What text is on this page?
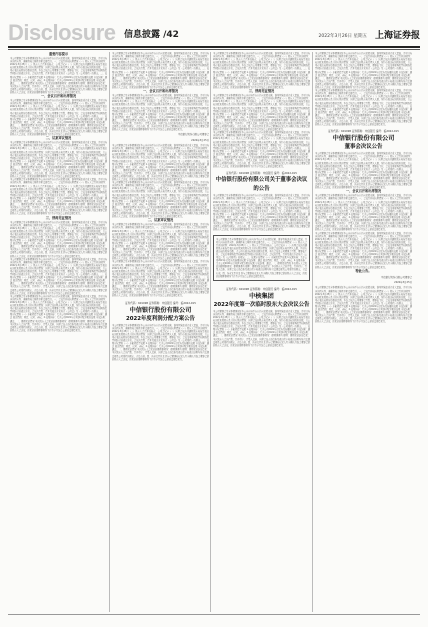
Disclosure 信息披露 /42	2022年3月26日 星期五 上海证券报
重要内容提示
本公司董事会及全体董事保证本公告内容不存在任何虚假记载、误导性陈述或者重大遗漏，并对其内容的真实性、准确性和完整性承担法律责任。一、会议召开和出席情况（一）股东大会召开的时间：2022年3月25日（二）股东大会召开的地点：公司会议室（三）出席会议的普通股股东和恢复表决权的优先股股东及其持有股份情况：出席会议的股东和代理人人数，所持有表决权的股份总数，占公司有表决权股份总数的比例。本次会议由公司董事会召集，董事长主持，会议采用现场投票和网络投票相结合的表决方式。会议的召集、召开及表决方式符合《公司法》及《公司章程》的规定。二、议案审议情况（一）非累积投票议案 1.议案名称：关于公司2021年度报告及摘要的议案 审议结果：通过 表决情况：同意、反对、弃权。2.议案名称：关于公司2021年度利润分配方案的议案 审议结果：通过。三、律师见证情况 本次股东大会见证的律师事务所：律师事务所 律师：律师见证结论意见：本次股东大会的召集、召开程序、召集人资格、出席会议人员资格及表决程序和表决结果均符合法律法规及公司章程的规定，合法有效。四、备查文件目录 经与会董事和记录人签字确认并加盖董事会章的股东大会决议；经见证的律师事务所主任签字并加盖公章的法律意见书。
一、会议召开和出席情况
本公司董事会及全体董事保证本公告内容不存在任何虚假记载、误导性陈述或者重大遗漏，并对其内容的真实性、准确性和完整性承担法律责任。一、会议召开和出席情况（一）股东大会召开的时间：2022年3月25日（二）股东大会召开的地点：公司会议室（三）出席会议的普通股股东和恢复表决权的优先股股东及其持有股份情况：出席会议的股东和代理人人数，所持有表决权的股份总数，占公司有表决权股份总数的比例。本次会议由公司董事会召集，董事长主持，会议采用现场投票和网络投票相结合的表决方式。会议的召集、召开及表决方式符合《公司法》及《公司章程》的规定。二、议案审议情况（一）非累积投票议案 1.议案名称：关于公司2021年度报告及摘要的议案 审议结果：通过 表决情况：同意、反对、弃权。2.议案名称：关于公司2021年度利润分配方案的议案 审议结果：通过。三、律师见证情况 本次股东大会见证的律师事务所：律师事务所 律师：律师见证结论意见：本次股东大会的召集、召开程序、召集人资格、出席会议人员资格及表决程序和表决结果均符合法律法规及公司章程的规定，合法有效。四、备查文件目录 经与会董事和记录人签字确认并加盖董事会章的股东大会决议；经见证的律师事务所主任签字并加盖公章的法律意见书。
二、议案审议情况
本公司董事会及全体董事保证本公告内容不存在任何虚假记载、误导性陈述或者重大遗漏，并对其内容的真实性、准确性和完整性承担法律责任。一、会议召开和出席情况（一）股东大会召开的时间：2022年3月25日（二）股东大会召开的地点：公司会议室（三）出席会议的普通股股东和恢复表决权的优先股股东及其持有股份情况：出席会议的股东和代理人人数，所持有表决权的股份总数，占公司有表决权股份总数的比例。本次会议由公司董事会召集，董事长主持，会议采用现场投票和网络投票相结合的表决方式。会议的召集、召开及表决方式符合《公司法》及《公司章程》的规定。二、议案审议情况（一）非累积投票议案 1.议案名称：关于公司2021年度报告及摘要的议案 审议结果：通过 表决情况：同意、反对、弃权。2.议案名称：关于公司2021年度利润分配方案的议案 审议结果：通过。三、律师见证情况 本次股东大会见证的律师事务所：律师事务所 律师：律师见证结论意见：本次股东大会的召集、召开程序、召集人资格、出席会议人员资格及表决程序和表决结果均符合法律法规及公司章程的规定，合法有效。四、备查文件目录 经与会董事和记录人签字确认并加盖董事会章的股东大会决议；经见证的律师事务所主任签字并加盖公章的法律意见书。
本公司董事会及全体董事保证本公告内容不存在任何虚假记载、误导性陈述或者重大遗漏，并对其内容的真实性、准确性和完整性承担法律责任。一、会议召开和出席情况（一）股东大会召开的时间：2022年3月25日（二）股东大会召开的地点：公司会议室（三）出席会议的普通股股东和恢复表决权的优先股股东及其持有股份情况：出席会议的股东和代理人人数，所持有表决权的股份总数，占公司有表决权股份总数的比例。本次会议由公司董事会召集，董事长主持，会议采用现场投票和网络投票相结合的表决方式。会议的召集、召开及表决方式符合《公司法》及《公司章程》的规定。二、议案审议情况（一）非累积投票议案 1.议案名称：关于公司2021年度报告及摘要的议案 审议结果：通过 表决情况：同意、反对、弃权。2.议案名称：关于公司2021年度利润分配方案的议案 审议结果：通过。三、律师见证情况 本次股东大会见证的律师事务所：律师事务所 律师：律师见证结论意见：本次股东大会的召集、召开程序、召集人资格、出席会议人员资格及表决程序和表决结果均符合法律法规及公司章程的规定，合法有效。四、备查文件目录 经与会董事和记录人签字确认并加盖董事会章的股东大会决议；经见证的律师事务所主任签字并加盖公章的法律意见书。
三、律师见证情况
本公司董事会及全体董事保证本公告内容不存在任何虚假记载、误导性陈述或者重大遗漏，并对其内容的真实性、准确性和完整性承担法律责任。一、会议召开和出席情况（一）股东大会召开的时间：2022年3月25日（二）股东大会召开的地点：公司会议室（三）出席会议的普通股股东和恢复表决权的优先股股东及其持有股份情况：出席会议的股东和代理人人数，所持有表决权的股份总数，占公司有表决权股份总数的比例。本次会议由公司董事会召集，董事长主持，会议采用现场投票和网络投票相结合的表决方式。会议的召集、召开及表决方式符合《公司法》及《公司章程》的规定。二、议案审议情况（一）非累积投票议案 1.议案名称：关于公司2021年度报告及摘要的议案 审议结果：通过 表决情况：同意、反对、弃权。2.议案名称：关于公司2021年度利润分配方案的议案 审议结果：通过。三、律师见证情况 本次股东大会见证的律师事务所：律师事务所 律师：律师见证结论意见：本次股东大会的召集、召开程序、召集人资格、出席会议人员资格及表决程序和表决结果均符合法律法规及公司章程的规定，合法有效。四、备查文件目录 经与会董事和记录人签字确认并加盖董事会章的股东大会决议；经见证的律师事务所主任签字并加盖公章的法律意见书。
本公司董事会及全体董事保证本公告内容不存在任何虚假记载、误导性陈述或者重大遗漏，并对其内容的真实性、准确性和完整性承担法律责任。一、会议召开和出席情况（一）股东大会召开的时间：2022年3月25日（二）股东大会召开的地点：公司会议室（三）出席会议的普通股股东和恢复表决权的优先股股东及其持有股份情况：出席会议的股东和代理人人数，所持有表决权的股份总数，占公司有表决权股份总数的比例。本次会议由公司董事会召集，董事长主持，会议采用现场投票和网络投票相结合的表决方式。会议的召集、召开及表决方式符合《公司法》及《公司章程》的规定。二、议案审议情况（一）非累积投票议案 1.议案名称：关于公司2021年度报告及摘要的议案 审议结果：通过 表决情况：同意、反对、弃权。2.议案名称：关于公司2021年度利润分配方案的议案 审议结果：通过。三、律师见证情况 本次股东大会见证的律师事务所：律师事务所 律师：律师见证结论意见：本次股东大会的召集、召开程序、召集人资格、出席会议人员资格及表决程序和表决结果均符合法律法规及公司章程的规定，合法有效。四、备查文件目录 经与会董事和记录人签字确认并加盖董事会章的股东大会决议；经见证的律师事务所主任签字并加盖公章的法律意见书。
本公司董事会及全体董事保证本公告内容不存在任何虚假记载、误导性陈述或者重大遗漏，并对其内容的真实性、准确性和完整性承担法律责任。一、会议召开和出席情况（一）股东大会召开的时间：2022年3月25日（二）股东大会召开的地点：公司会议室（三）出席会议的普通股股东和恢复表决权的优先股股东及其持有股份情况：出席会议的股东和代理人人数，所持有表决权的股份总数，占公司有表决权股份总数的比例。本次会议由公司董事会召集，董事长主持，会议采用现场投票和网络投票相结合的表决方式。会议的召集、召开及表决方式符合《公司法》及《公司章程》的规定。二、议案审议情况（一）非累积投票议案 1.议案名称：关于公司2021年度报告及摘要的议案 审议结果：通过 表决情况：同意、反对、弃权。2.议案名称：关于公司2021年度利润分配方案的议案 审议结果：通过。三、律师见证情况 本次股东大会见证的律师事务所：律师事务所 律师：律师见证结论意见：本次股东大会的召集、召开程序、召集人资格、出席会议人员资格及表决程序和表决结果均符合法律法规及公司章程的规定，合法有效。四、备查文件目录 经与会董事和记录人签字确认并加盖董事会章的股东大会决议；经见证的律师事务所主任签字并加盖公章的法律意见书。
本公司董事会及全体董事保证本公告内容不存在任何虚假记载、误导性陈述或者重大遗漏，并对其内容的真实性、准确性和完整性承担法律责任。一、会议召开和出席情况（一）股东大会召开的时间：2022年3月25日（二）股东大会召开的地点：公司会议室（三）出席会议的普通股股东和恢复表决权的优先股股东及其持有股份情况：出席会议的股东和代理人人数，所持有表决权的股份总数，占公司有表决权股份总数的比例。本次会议由公司董事会召集，董事长主持，会议采用现场投票和网络投票相结合的表决方式。会议的召集、召开及表决方式符合《公司法》及《公司章程》的规定。二、议案审议情况（一）非累积投票议案 1.议案名称：关于公司2021年度报告及摘要的议案 审议结果：通过 表决情况：同意、反对、弃权。2.议案名称：关于公司2021年度利润分配方案的议案 审议结果：通过。三、律师见证情况 本次股东大会见证的律师事务所：律师事务所 律师：律师见证结论意见：本次股东大会的召集、召开程序、召集人资格、出席会议人员资格及表决程序和表决结果均符合法律法规及公司章程的规定，合法有效。四、备查文件目录 经与会董事和记录人签字确认并加盖董事会章的股东大会决议；经见证的律师事务所主任签字并加盖公章的法律意见书。
一、会议召开和出席情况
本公司董事会及全体董事保证本公告内容不存在任何虚假记载、误导性陈述或者重大遗漏，并对其内容的真实性、准确性和完整性承担法律责任。一、会议召开和出席情况（一）股东大会召开的时间：2022年3月25日（二）股东大会召开的地点：公司会议室（三）出席会议的普通股股东和恢复表决权的优先股股东及其持有股份情况：出席会议的股东和代理人人数，所持有表决权的股份总数，占公司有表决权股份总数的比例。本次会议由公司董事会召集，董事长主持，会议采用现场投票和网络投票相结合的表决方式。会议的召集、召开及表决方式符合《公司法》及《公司章程》的规定。二、议案审议情况（一）非累积投票议案 1.议案名称：关于公司2021年度报告及摘要的议案 审议结果：通过 表决情况：同意、反对、弃权。2.议案名称：关于公司2021年度利润分配方案的议案 审议结果：通过。三、律师见证情况 本次股东大会见证的律师事务所：律师事务所 律师：律师见证结论意见：本次股东大会的召集、召开程序、召集人资格、出席会议人员资格及表决程序和表决结果均符合法律法规及公司章程的规定，合法有效。四、备查文件目录 经与会董事和记录人签字确认并加盖董事会章的股东大会决议；经见证的律师事务所主任签字并加盖公章的法律意见书。
中信银行股份有限公司董事会
2022年3月25日
本公司董事会及全体董事保证本公告内容不存在任何虚假记载、误导性陈述或者重大遗漏，并对其内容的真实性、准确性和完整性承担法律责任。一、会议召开和出席情况（一）股东大会召开的时间：2022年3月25日（二）股东大会召开的地点：公司会议室（三）出席会议的普通股股东和恢复表决权的优先股股东及其持有股份情况：出席会议的股东和代理人人数，所持有表决权的股份总数，占公司有表决权股份总数的比例。本次会议由公司董事会召集，董事长主持，会议采用现场投票和网络投票相结合的表决方式。会议的召集、召开及表决方式符合《公司法》及《公司章程》的规定。二、议案审议情况（一）非累积投票议案 1.议案名称：关于公司2021年度报告及摘要的议案 审议结果：通过 表决情况：同意、反对、弃权。2.议案名称：关于公司2021年度利润分配方案的议案 审议结果：通过。三、律师见证情况 本次股东大会见证的律师事务所：律师事务所 律师：律师见证结论意见：本次股东大会的召集、召开程序、召集人资格、出席会议人员资格及表决程序和表决结果均符合法律法规及公司章程的规定，合法有效。四、备查文件目录 经与会董事和记录人签字确认并加盖董事会章的股东大会决议；经见证的律师事务所主任签字并加盖公章的法律意见书。
本公司董事会及全体董事保证本公告内容不存在任何虚假记载、误导性陈述或者重大遗漏，并对其内容的真实性、准确性和完整性承担法律责任。一、会议召开和出席情况（一）股东大会召开的时间：2022年3月25日（二）股东大会召开的地点：公司会议室（三）出席会议的普通股股东和恢复表决权的优先股股东及其持有股份情况：出席会议的股东和代理人人数，所持有表决权的股份总数，占公司有表决权股份总数的比例。本次会议由公司董事会召集，董事长主持，会议采用现场投票和网络投票相结合的表决方式。会议的召集、召开及表决方式符合《公司法》及《公司章程》的规定。二、议案审议情况（一）非累积投票议案 1.议案名称：关于公司2021年度报告及摘要的议案 审议结果：通过 表决情况：同意、反对、弃权。2.议案名称：关于公司2021年度利润分配方案的议案 审议结果：通过。三、律师见证情况 本次股东大会见证的律师事务所：律师事务所 律师：律师见证结论意见：本次股东大会的召集、召开程序、召集人资格、出席会议人员资格及表决程序和表决结果均符合法律法规及公司章程的规定，合法有效。四、备查文件目录 经与会董事和记录人签字确认并加盖董事会章的股东大会决议；经见证的律师事务所主任签字并加盖公章的法律意见书。
二、议案审议情况
本公司董事会及全体董事保证本公告内容不存在任何虚假记载、误导性陈述或者重大遗漏，并对其内容的真实性、准确性和完整性承担法律责任。一、会议召开和出席情况（一）股东大会召开的时间：2022年3月25日（二）股东大会召开的地点：公司会议室（三）出席会议的普通股股东和恢复表决权的优先股股东及其持有股份情况：出席会议的股东和代理人人数，所持有表决权的股份总数，占公司有表决权股份总数的比例。本次会议由公司董事会召集，董事长主持，会议采用现场投票和网络投票相结合的表决方式。会议的召集、召开及表决方式符合《公司法》及《公司章程》的规定。二、议案审议情况（一）非累积投票议案 1.议案名称：关于公司2021年度报告及摘要的议案 审议结果：通过 表决情况：同意、反对、弃权。2.议案名称：关于公司2021年度利润分配方案的议案 审议结果：通过。三、律师见证情况 本次股东大会见证的律师事务所：律师事务所 律师：律师见证结论意见：本次股东大会的召集、召开程序、召集人资格、出席会议人员资格及表决程序和表决结果均符合法律法规及公司章程的规定，合法有效。四、备查文件目录 经与会董事和记录人签字确认并加盖董事会章的股东大会决议；经见证的律师事务所主任签字并加盖公章的法律意见书。
本公司董事会及全体董事保证本公告内容不存在任何虚假记载、误导性陈述或者重大遗漏，并对其内容的真实性、准确性和完整性承担法律责任。一、会议召开和出席情况（一）股东大会召开的时间：2022年3月25日（二）股东大会召开的地点：公司会议室（三）出席会议的普通股股东和恢复表决权的优先股股东及其持有股份情况：出席会议的股东和代理人人数，所持有表决权的股份总数，占公司有表决权股份总数的比例。本次会议由公司董事会召集，董事长主持，会议采用现场投票和网络投票相结合的表决方式。会议的召集、召开及表决方式符合《公司法》及《公司章程》的规定。二、议案审议情况（一）非累积投票议案 1.议案名称：关于公司2021年度报告及摘要的议案 审议结果：通过 表决情况：同意、反对、弃权。2.议案名称：关于公司2021年度利润分配方案的议案 审议结果：通过。三、律师见证情况 本次股东大会见证的律师事务所：律师事务所 律师：律师见证结论意见：本次股东大会的召集、召开程序、召集人资格、出席会议人员资格及表决程序和表决结果均符合法律法规及公司章程的规定，合法有效。四、备查文件目录 经与会董事和记录人签字确认并加盖董事会章的股东大会决议；经见证的律师事务所主任签字并加盖公章的法律意见书。
证券代码：601998 证券简称：中信银行 编号：临2022-015
中信银行股份有限公司
2022年度利润分配方案公告
本公司董事会及全体董事保证本公告内容不存在任何虚假记载、误导性陈述或者重大遗漏，并对其内容的真实性、准确性和完整性承担法律责任。一、会议召开和出席情况（一）股东大会召开的时间：2022年3月25日（二）股东大会召开的地点：公司会议室（三）出席会议的普通股股东和恢复表决权的优先股股东及其持有股份情况：出席会议的股东和代理人人数，所持有表决权的股份总数，占公司有表决权股份总数的比例。本次会议由公司董事会召集，董事长主持，会议采用现场投票和网络投票相结合的表决方式。会议的召集、召开及表决方式符合《公司法》及《公司章程》的规定。二、议案审议情况（一）非累积投票议案 1.议案名称：关于公司2021年度报告及摘要的议案 审议结果：通过 表决情况：同意、反对、弃权。2.议案名称：关于公司2021年度利润分配方案的议案 审议结果：通过。三、律师见证情况 本次股东大会见证的律师事务所：律师事务所 律师：律师见证结论意见：本次股东大会的召集、召开程序、召集人资格、出席会议人员资格及表决程序和表决结果均符合法律法规及公司章程的规定，合法有效。四、备查文件目录 经与会董事和记录人签字确认并加盖董事会章的股东大会决议；经见证的律师事务所主任签字并加盖公章的法律意见书。
本公司董事会及全体董事保证本公告内容不存在任何虚假记载、误导性陈述或者重大遗漏，并对其内容的真实性、准确性和完整性承担法律责任。一、会议召开和出席情况（一）股东大会召开的时间：2022年3月25日（二）股东大会召开的地点：公司会议室（三）出席会议的普通股股东和恢复表决权的优先股股东及其持有股份情况：出席会议的股东和代理人人数，所持有表决权的股份总数，占公司有表决权股份总数的比例。本次会议由公司董事会召集，董事长主持，会议采用现场投票和网络投票相结合的表决方式。会议的召集、召开及表决方式符合《公司法》及《公司章程》的规定。二、议案审议情况（一）非累积投票议案 1.议案名称：关于公司2021年度报告及摘要的议案 审议结果：通过 表决情况：同意、反对、弃权。2.议案名称：关于公司2021年度利润分配方案的议案 审议结果：通过。三、律师见证情况 本次股东大会见证的律师事务所：律师事务所 律师：律师见证结论意见：本次股东大会的召集、召开程序、召集人资格、出席会议人员资格及表决程序和表决结果均符合法律法规及公司章程的规定，合法有效。四、备查文件目录 经与会董事和记录人签字确认并加盖董事会章的股东大会决议；经见证的律师事务所主任签字并加盖公章的法律意见书。
三、律师见证情况
本公司董事会及全体董事保证本公告内容不存在任何虚假记载、误导性陈述或者重大遗漏，并对其内容的真实性、准确性和完整性承担法律责任。一、会议召开和出席情况（一）股东大会召开的时间：2022年3月25日（二）股东大会召开的地点：公司会议室（三）出席会议的普通股股东和恢复表决权的优先股股东及其持有股份情况：出席会议的股东和代理人人数，所持有表决权的股份总数，占公司有表决权股份总数的比例。本次会议由公司董事会召集，董事长主持，会议采用现场投票和网络投票相结合的表决方式。会议的召集、召开及表决方式符合《公司法》及《公司章程》的规定。二、议案审议情况（一）非累积投票议案 1.议案名称：关于公司2021年度报告及摘要的议案 审议结果：通过 表决情况：同意、反对、弃权。2.议案名称：关于公司2021年度利润分配方案的议案 审议结果：通过。三、律师见证情况 本次股东大会见证的律师事务所：律师事务所 律师：律师见证结论意见：本次股东大会的召集、召开程序、召集人资格、出席会议人员资格及表决程序和表决结果均符合法律法规及公司章程的规定，合法有效。四、备查文件目录 经与会董事和记录人签字确认并加盖董事会章的股东大会决议；经见证的律师事务所主任签字并加盖公章的法律意见书。
本公司董事会及全体董事保证本公告内容不存在任何虚假记载、误导性陈述或者重大遗漏，并对其内容的真实性、准确性和完整性承担法律责任。一、会议召开和出席情况（一）股东大会召开的时间：2022年3月25日（二）股东大会召开的地点：公司会议室（三）出席会议的普通股股东和恢复表决权的优先股股东及其持有股份情况：出席会议的股东和代理人人数，所持有表决权的股份总数，占公司有表决权股份总数的比例。本次会议由公司董事会召集，董事长主持，会议采用现场投票和网络投票相结合的表决方式。会议的召集、召开及表决方式符合《公司法》及《公司章程》的规定。二、议案审议情况（一）非累积投票议案 1.议案名称：关于公司2021年度报告及摘要的议案 审议结果：通过 表决情况：同意、反对、弃权。2.议案名称：关于公司2021年度利润分配方案的议案 审议结果：通过。三、律师见证情况 本次股东大会见证的律师事务所：律师事务所 律师：律师见证结论意见：本次股东大会的召集、召开程序、召集人资格、出席会议人员资格及表决程序和表决结果均符合法律法规及公司章程的规定，合法有效。四、备查文件目录 经与会董事和记录人签字确认并加盖董事会章的股东大会决议；经见证的律师事务所主任签字并加盖公章的法律意见书。
证券代码：601998 证券简称：中信银行 编号：临2022-015
中信银行股份有限公司关于董事会决议的公告
本公司董事会及全体董事保证本公告内容不存在任何虚假记载、误导性陈述或者重大遗漏，并对其内容的真实性、准确性和完整性承担法律责任。一、会议召开和出席情况（一）股东大会召开的时间：2022年3月25日（二）股东大会召开的地点：公司会议室（三）出席会议的普通股股东和恢复表决权的优先股股东及其持有股份情况：出席会议的股东和代理人人数，所持有表决权的股份总数，占公司有表决权股份总数的比例。本次会议由公司董事会召集，董事长主持，会议采用现场投票和网络投票相结合的表决方式。会议的召集、召开及表决方式符合《公司法》及《公司章程》的规定。二、议案审议情况（一）非累积投票议案 1.议案名称：关于公司2021年度报告及摘要的议案 审议结果：通过 表决情况：同意、反对、弃权。2.议案名称：关于公司2021年度利润分配方案的议案 审议结果：通过。三、律师见证情况 本次股东大会见证的律师事务所：律师事务所 律师：律师见证结论意见：本次股东大会的召集、召开程序、召集人资格、出席会议人员资格及表决程序和表决结果均符合法律法规及公司章程的规定，合法有效。四、备查文件目录 经与会董事和记录人签字确认并加盖董事会章的股东大会决议；经见证的律师事务所主任签字并加盖公章的法律意见书。
本公司董事会及全体董事保证本公告内容不存在任何虚假记载、误导性陈述或者重大遗漏，并对其内容的真实性、准确性和完整性承担法律责任。一、会议召开和出席情况（一）股东大会召开的时间：2022年3月25日（二）股东大会召开的地点：公司会议室（三）出席会议的普通股股东和恢复表决权的优先股股东及其持有股份情况：出席会议的股东和代理人人数，所持有表决权的股份总数，占公司有表决权股份总数的比例。本次会议由公司董事会召集，董事长主持，会议采用现场投票和网络投票相结合的表决方式。会议的召集、召开及表决方式符合《公司法》及《公司章程》的规定。二、议案审议情况（一）非累积投票议案 1.议案名称：关于公司2021年度报告及摘要的议案 审议结果：通过 表决情况：同意、反对、弃权。2.议案名称：关于公司2021年度利润分配方案的议案 审议结果：通过。三、律师见证情况 本次股东大会见证的律师事务所：律师事务所 律师：律师见证结论意见：本次股东大会的召集、召开程序、召集人资格、出席会议人员资格及表决程序和表决结果均符合法律法规及公司章程的规定，合法有效。四、备查文件目录 经与会董事和记录人签字确认并加盖董事会章的股东大会决议；经见证的律师事务所主任签字并加盖公章的法律意见书。
证券代码：601998 证券简称：中信银行 编号：临2022-015
中核集团
2022年度第一次临时股东大会决议公告
本公司董事会及全体董事保证本公告内容不存在任何虚假记载、误导性陈述或者重大遗漏，并对其内容的真实性、准确性和完整性承担法律责任。一、会议召开和出席情况（一）股东大会召开的时间：2022年3月25日（二）股东大会召开的地点：公司会议室（三）出席会议的普通股股东和恢复表决权的优先股股东及其持有股份情况：出席会议的股东和代理人人数，所持有表决权的股份总数，占公司有表决权股份总数的比例。本次会议由公司董事会召集，董事长主持，会议采用现场投票和网络投票相结合的表决方式。会议的召集、召开及表决方式符合《公司法》及《公司章程》的规定。二、议案审议情况（一）非累积投票议案 1.议案名称：关于公司2021年度报告及摘要的议案 审议结果：通过 表决情况：同意、反对、弃权。2.议案名称：关于公司2021年度利润分配方案的议案 审议结果：通过。三、律师见证情况 本次股东大会见证的律师事务所：律师事务所 律师：律师见证结论意见：本次股东大会的召集、召开程序、召集人资格、出席会议人员资格及表决程序和表决结果均符合法律法规及公司章程的规定，合法有效。四、备查文件目录 经与会董事和记录人签字确认并加盖董事会章的股东大会决议；经见证的律师事务所主任签字并加盖公章的法律意见书。
本公司董事会及全体董事保证本公告内容不存在任何虚假记载、误导性陈述或者重大遗漏，并对其内容的真实性、准确性和完整性承担法律责任。一、会议召开和出席情况（一）股东大会召开的时间：2022年3月25日（二）股东大会召开的地点：公司会议室（三）出席会议的普通股股东和恢复表决权的优先股股东及其持有股份情况：出席会议的股东和代理人人数，所持有表决权的股份总数，占公司有表决权股份总数的比例。本次会议由公司董事会召集，董事长主持，会议采用现场投票和网络投票相结合的表决方式。会议的召集、召开及表决方式符合《公司法》及《公司章程》的规定。二、议案审议情况（一）非累积投票议案 1.议案名称：关于公司2021年度报告及摘要的议案 审议结果：通过 表决情况：同意、反对、弃权。2.议案名称：关于公司2021年度利润分配方案的议案 审议结果：通过。三、律师见证情况 本次股东大会见证的律师事务所：律师事务所 律师：律师见证结论意见：本次股东大会的召集、召开程序、召集人资格、出席会议人员资格及表决程序和表决结果均符合法律法规及公司章程的规定，合法有效。四、备查文件目录 经与会董事和记录人签字确认并加盖董事会章的股东大会决议；经见证的律师事务所主任签字并加盖公章的法律意见书。
本公司董事会及全体董事保证本公告内容不存在任何虚假记载、误导性陈述或者重大遗漏，并对其内容的真实性、准确性和完整性承担法律责任。一、会议召开和出席情况（一）股东大会召开的时间：2022年3月25日（二）股东大会召开的地点：公司会议室（三）出席会议的普通股股东和恢复表决权的优先股股东及其持有股份情况：出席会议的股东和代理人人数，所持有表决权的股份总数，占公司有表决权股份总数的比例。本次会议由公司董事会召集，董事长主持，会议采用现场投票和网络投票相结合的表决方式。会议的召集、召开及表决方式符合《公司法》及《公司章程》的规定。二、议案审议情况（一）非累积投票议案 1.议案名称：关于公司2021年度报告及摘要的议案 审议结果：通过 表决情况：同意、反对、弃权。2.议案名称：关于公司2021年度利润分配方案的议案 审议结果：通过。三、律师见证情况 本次股东大会见证的律师事务所：律师事务所 律师：律师见证结论意见：本次股东大会的召集、召开程序、召集人资格、出席会议人员资格及表决程序和表决结果均符合法律法规及公司章程的规定，合法有效。四、备查文件目录 经与会董事和记录人签字确认并加盖董事会章的股东大会决议；经见证的律师事务所主任签字并加盖公章的法律意见书。
证券代码：601998 证券简称：中信银行 编号：临2022-015
中信银行股份有限公司
董事会决议公告
本公司董事会及全体董事保证本公告内容不存在任何虚假记载、误导性陈述或者重大遗漏，并对其内容的真实性、准确性和完整性承担法律责任。一、会议召开和出席情况（一）股东大会召开的时间：2022年3月25日（二）股东大会召开的地点：公司会议室（三）出席会议的普通股股东和恢复表决权的优先股股东及其持有股份情况：出席会议的股东和代理人人数，所持有表决权的股份总数，占公司有表决权股份总数的比例。本次会议由公司董事会召集，董事长主持，会议采用现场投票和网络投票相结合的表决方式。会议的召集、召开及表决方式符合《公司法》及《公司章程》的规定。二、议案审议情况（一）非累积投票议案 1.议案名称：关于公司2021年度报告及摘要的议案 审议结果：通过 表决情况：同意、反对、弃权。2.议案名称：关于公司2021年度利润分配方案的议案 审议结果：通过。三、律师见证情况 本次股东大会见证的律师事务所：律师事务所 律师：律师见证结论意见：本次股东大会的召集、召开程序、召集人资格、出席会议人员资格及表决程序和表决结果均符合法律法规及公司章程的规定，合法有效。四、备查文件目录 经与会董事和记录人签字确认并加盖董事会章的股东大会决议；经见证的律师事务所主任签字并加盖公章的法律意见书。
一、会议召开和出席情况
本公司董事会及全体董事保证本公告内容不存在任何虚假记载、误导性陈述或者重大遗漏，并对其内容的真实性、准确性和完整性承担法律责任。一、会议召开和出席情况（一）股东大会召开的时间：2022年3月25日（二）股东大会召开的地点：公司会议室（三）出席会议的普通股股东和恢复表决权的优先股股东及其持有股份情况：出席会议的股东和代理人人数，所持有表决权的股份总数，占公司有表决权股份总数的比例。本次会议由公司董事会召集，董事长主持，会议采用现场投票和网络投票相结合的表决方式。会议的召集、召开及表决方式符合《公司法》及《公司章程》的规定。二、议案审议情况（一）非累积投票议案 1.议案名称：关于公司2021年度报告及摘要的议案 审议结果：通过 表决情况：同意、反对、弃权。2.议案名称：关于公司2021年度利润分配方案的议案 审议结果：通过。三、律师见证情况 本次股东大会见证的律师事务所：律师事务所 律师：律师见证结论意见：本次股东大会的召集、召开程序、召集人资格、出席会议人员资格及表决程序和表决结果均符合法律法规及公司章程的规定，合法有效。四、备查文件目录 经与会董事和记录人签字确认并加盖董事会章的股东大会决议；经见证的律师事务所主任签字并加盖公章的法律意见书。
本公司董事会及全体董事保证本公告内容不存在任何虚假记载、误导性陈述或者重大遗漏，并对其内容的真实性、准确性和完整性承担法律责任。一、会议召开和出席情况（一）股东大会召开的时间：2022年3月25日（二）股东大会召开的地点：公司会议室（三）出席会议的普通股股东和恢复表决权的优先股股东及其持有股份情况：出席会议的股东和代理人人数，所持有表决权的股份总数，占公司有表决权股份总数的比例。本次会议由公司董事会召集，董事长主持，会议采用现场投票和网络投票相结合的表决方式。会议的召集、召开及表决方式符合《公司法》及《公司章程》的规定。二、议案审议情况（一）非累积投票议案 1.议案名称：关于公司2021年度报告及摘要的议案 审议结果：通过 表决情况：同意、反对、弃权。2.议案名称：关于公司2021年度利润分配方案的议案 审议结果：通过。三、律师见证情况 本次股东大会见证的律师事务所：律师事务所 律师：律师见证结论意见：本次股东大会的召集、召开程序、召集人资格、出席会议人员资格及表决程序和表决结果均符合法律法规及公司章程的规定，合法有效。四、备查文件目录 经与会董事和记录人签字确认并加盖董事会章的股东大会决议；经见证的律师事务所主任签字并加盖公章的法律意见书。
特此公告。
中信银行股份有限公司董事会
2022年3月25日
本公司董事会及全体董事保证本公告内容不存在任何虚假记载、误导性陈述或者重大遗漏，并对其内容的真实性、准确性和完整性承担法律责任。一、会议召开和出席情况（一）股东大会召开的时间：2022年3月25日（二）股东大会召开的地点：公司会议室（三）出席会议的普通股股东和恢复表决权的优先股股东及其持有股份情况：出席会议的股东和代理人人数，所持有表决权的股份总数，占公司有表决权股份总数的比例。本次会议由公司董事会召集，董事长主持，会议采用现场投票和网络投票相结合的表决方式。会议的召集、召开及表决方式符合《公司法》及《公司章程》的规定。二、议案审议情况（一）非累积投票议案 1.议案名称：关于公司2021年度报告及摘要的议案 审议结果：通过 表决情况：同意、反对、弃权。2.议案名称：关于公司2021年度利润分配方案的议案 审议结果：通过。三、律师见证情况 本次股东大会见证的律师事务所：律师事务所 律师：律师见证结论意见：本次股东大会的召集、召开程序、召集人资格、出席会议人员资格及表决程序和表决结果均符合法律法规及公司章程的规定，合法有效。四、备查文件目录 经与会董事和记录人签字确认并加盖董事会章的股东大会决议；经见证的律师事务所主任签字并加盖公章的法律意见书。
